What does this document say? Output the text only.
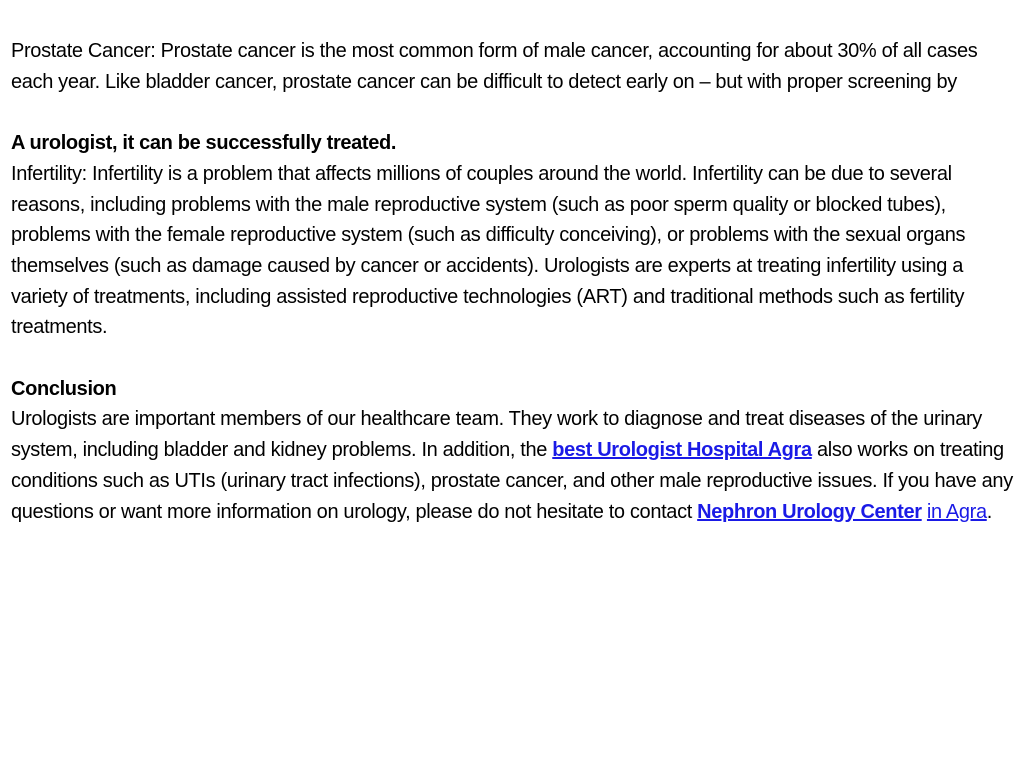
Prostate Cancer: Prostate cancer is the most common form of male cancer, accounting for about 30% of all cases each year. Like bladder cancer, prostate cancer can be difficult to detect early on – but with proper screening by

A urologist, it can be successfully treated.

Infertility: Infertility is a problem that affects millions of couples around the world. Infertility can be due to several reasons, including problems with the male reproductive system (such as poor sperm quality or blocked tubes), problems with the female reproductive system (such as difficulty conceiving), or problems with the sexual organs themselves (such as damage caused by cancer or accidents). Urologists are experts at treating infertility using a variety of treatments, including assisted reproductive technologies (ART) and traditional methods such as fertility treatments.

Conclusion

Urologists are important members of our healthcare team. They work to diagnose and treat diseases of the urinary system, including bladder and kidney problems. In addition, the best Urologist Hospital Agra also works on treating conditions such as UTIs (urinary tract infections), prostate cancer, and other male reproductive issues. If you have any questions or want more information on urology, please do not hesitate to contact Nephron Urology Center in Agra.
